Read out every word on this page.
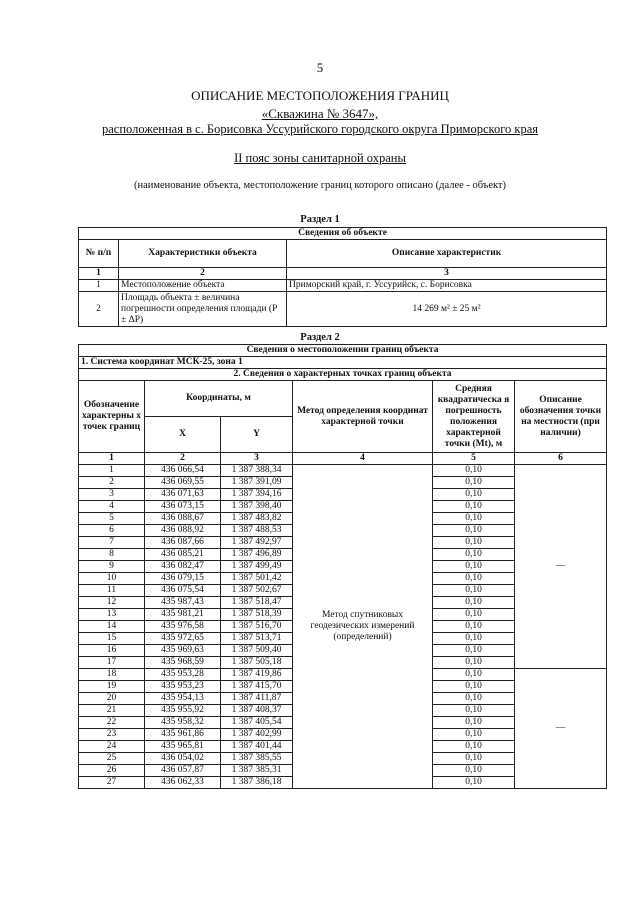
5
ОПИСАНИЕ МЕСТОПОЛОЖЕНИЯ ГРАНИЦ
«Скважина № 3647»,
расположенная в с. Борисовка Уссурийского городского округа Приморского края
II пояс зоны санитарной охраны
(наименование объекта, местоположение границ которого описано (далее - объект)
Раздел 1
Сведения об объекте		
№ п/п	Характеристики объекта	Описание характеристик
1	2	3
1	Местоположение объекта	Приморский край, г. Уссурийск, с. Борисовка
2	Площадь объекта ± величина погрешности определения площади (P ± ΔP)	14 269 м² ± 25 м²
Раздел 2
Сведения о местоположении границ объекта					
1. Система координат МСК-25, зона 1					
2. Сведения о характерных точках границ объекта					
Обозначение характерны х точек границ	Координаты, м		Метод определения координат характерной точки	Средняя квадратическа я погрешность положения характерной точки (Mt), м	Описание обозначения точки на местности (при наличии)
	X	Y			
1	2	3	4	5	6
1	436 066,54	1 387 388,34	Метод спутниковых геодезических измерений (определений)	0,10	—
2	436 069,55	1 387 391,09		0,10	
3	436 071,63	1 387 394,16		0,10	
4	436 073,15	1 387 398,40		0,10	
5	436 088,67	1 387 483,82		0,10	
6	436 088,92	1 387 488,53		0,10	
7	436 087,66	1 387 492,97		0,10	
8	436 085,21	1 387 496,89		0,10	
9	436 082,47	1 387 499,49		0,10	
10	436 079,15	1 387 501,42		0,10	
11	436 075,54	1 387 502,67		0,10	
12	435 987,43	1 387 518,47		0,10	
13	435 981,21	1 387 518,39		0,10	
14	435 976,58	1 387 516,70		0,10	
15	435 972,65	1 387 513,71		0,10	
16	435 969,63	1 387 509,40		0,10	
17	435 968,59	1 387 505,18		0,10	
18	435 953,28	1 387 419,86		0,10	—
19	435 953,23	1 387 415,70		0,10	
20	435 954,13	1 387 411,87		0,10	
21	435 955,92	1 387 408,37		0,10	
22	435 958,32	1 387 405,54		0,10	
23	435 961,86	1 387 402,99		0,10	
24	435 965,81	1 387 401,44		0,10	
25	436 054,02	1 387 385,55		0,10	
26	436 057,87	1 387 385,31		0,10	
27	436 062,33	1 387 386,18		0,10	
